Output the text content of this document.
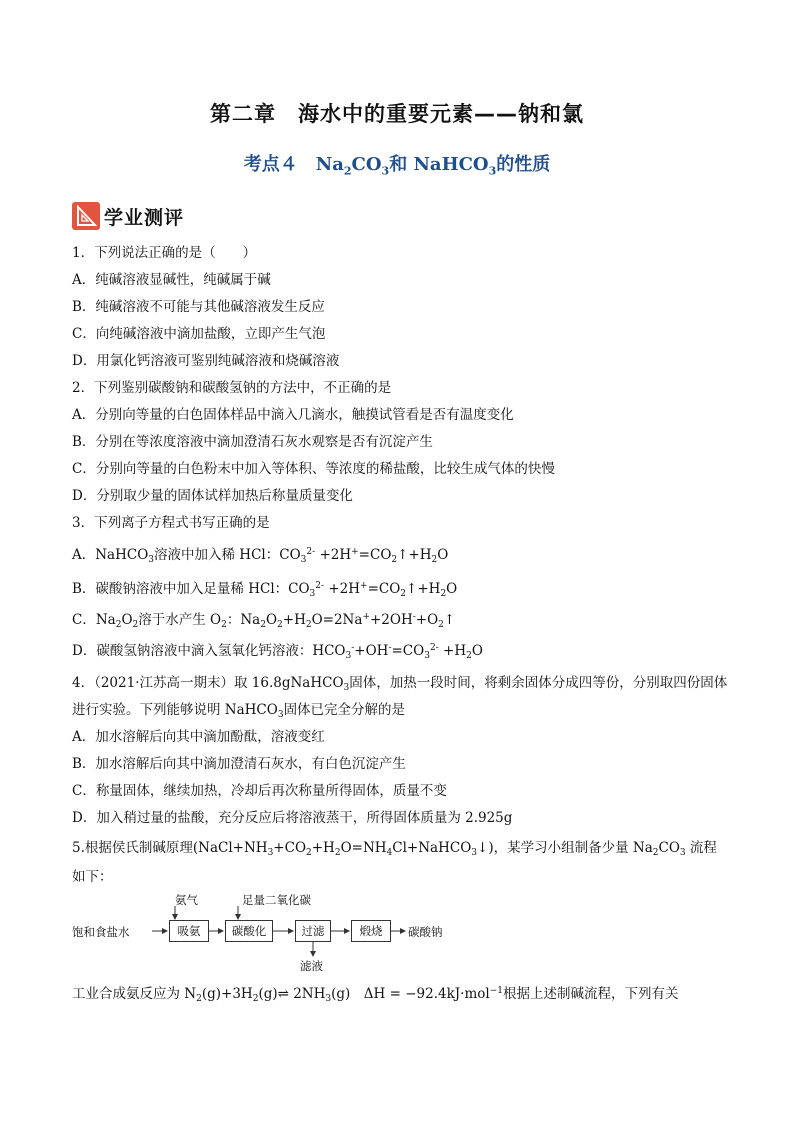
第二章　海水中的重要元素——钠和氯
考点４　$Na_2CO_3$和 NaHCO$_3$的性质
学业测评
1．下列说法正确的是（　　）
A．纯碱溶液显碱性，纯碱属于碱
B．纯碱溶液不可能与其他碱溶液发生反应
C．向纯碱溶液中滴加盐酸，立即产生气泡
D．用氯化钙溶液可鉴别纯碱溶液和烧碱溶液
2．下列鉴别碳酸钠和碳酸氢钠的方法中，不正确的是
A．分别向等量的白色固体样品中滴入几滴水，触摸试管看是否有温度变化
B．分别在等浓度溶液中滴加澄清石灰水观察是否有沉淀产生
C．分别向等量的白色粉末中加入等体积、等浓度的稀盐酸，比较生成气体的快慢
D．分别取少量的固体试样加热后称量质量变化
3．下列离子方程式书写正确的是
A．NaHCO$_3$溶液中加入稀 HCl：$CO_3^{2-}$ $+2H^+=CO_2↑+H_2O$
B．碳酸钠溶液中加入足量稀 HCl：$CO_3^{2-}$ $+2H^+=CO_2↑+H_2O$
C．$Na_2O_2$溶于水产生 $O_2$：$Na_2O_2+H_2O=2Na^++2OH^-+O_2↑$
D．碳酸氢钠溶液中滴入氢氧化钙溶液：$HCO_3^-+OH^-=CO_3^{2-} +H_2O$
4．（2021·江苏高一期末）取 16.8gNaHCO$_3$固体，加热一段时间，将剩余固体分成四等份，分别取四份固体
进行实验。下列能够说明 NaHCO$_3$固体已完全分解的是
A．加水溶解后向其中滴加酚酞，溶液变红
B．加水溶解后向其中滴加澄清石灰水，有白色沉淀产生
C．称量固体，继续加热，冷却后再次称量所得固体，质量不变
D．加入稍过量的盐酸，充分反应后将溶液蒸干，所得固体质量为 2.925g
5.根据侯氏制碱原理$(NaCl+NH_3+CO_2+H_2O=NH_4Cl+NaHCO_3↓)$，某学习小组制备少量 $Na_2CO_3$ 流程
如下：
饱和食盐水	吸氨	碳酸化	过滤	煅烧	碳酸钠
氨气	足量二氧化碳
滤液
工业合成氨反应为 $N_2(g)+3H_2(g)\rightleftharpoons$ $2NH_3(g)$　ΔH = −92.4kJ·mol$^{-1}$根据上述制碱流程，下列有关
